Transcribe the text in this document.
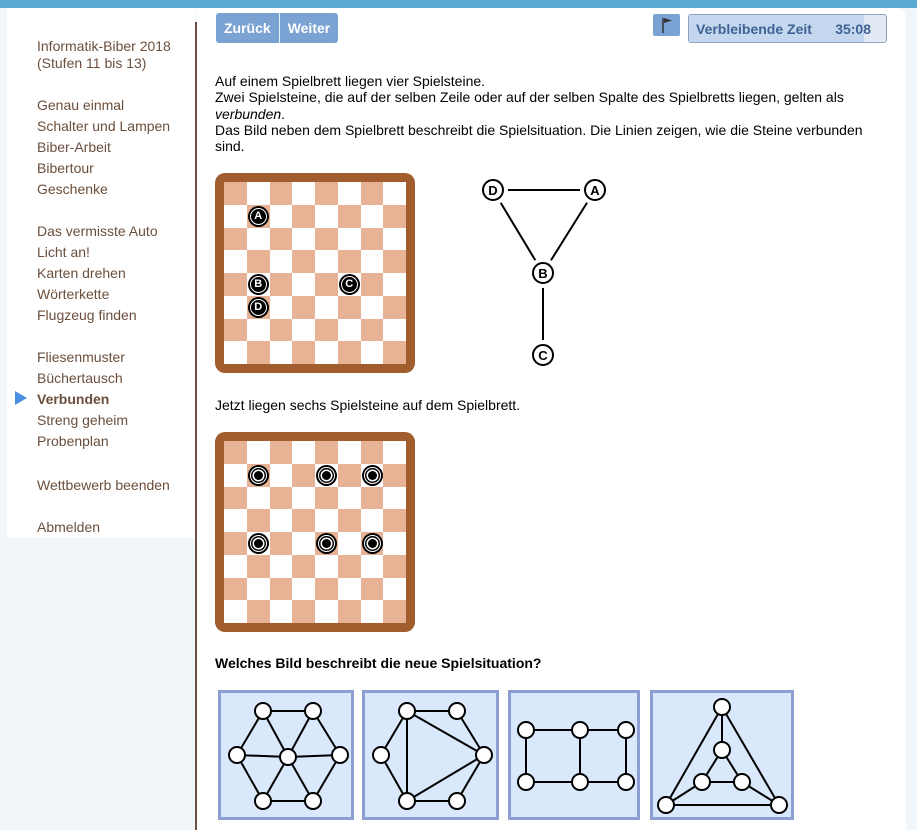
Informatik-Biber 2018
(Stufen 11 bis 13)
Genau einmal
Schalter und Lampen
Biber-Arbeit
Bibertour
Geschenke
Das vermisste Auto
Licht an!
Karten drehen
Wörterkette
Flugzeug finden
Fliesenmuster
Büchertausch
Verbunden
Streng geheim
Probenplan
Wettbewerb beenden
Abmelden
Zurück	Weiter	Verbleibende Zeit 35:08

Auf einem Spielbrett liegen vier Spielsteine.

Zwei Spielsteine, die auf der selben Zeile oder auf der selben Spalte des Spielbretts liegen, gelten als verbunden.

Das Bild neben dem Spielbrett beschreibt die Spielsituation. Die Linien zeigen, wie die Steine verbunden sind.

A
B	C
D
D	A
B
C
Jetzt liegen sechs Spielsteine auf dem Spielbrett.
Welches Bild beschreibt die neue Spielsituation?
